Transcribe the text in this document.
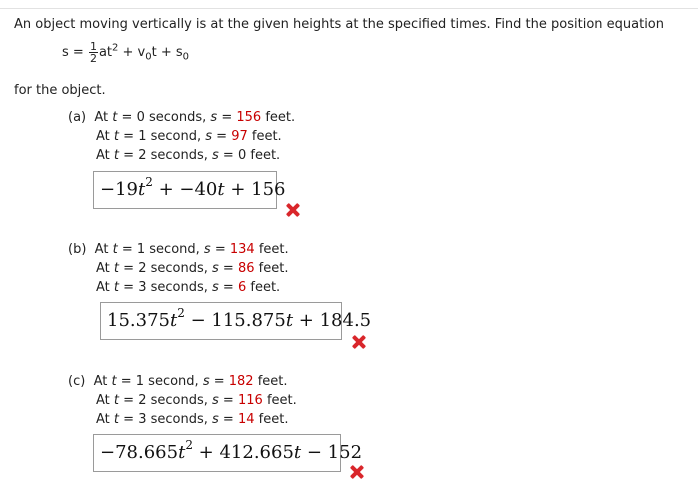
An object moving vertically is at the given heights at the specified times. Find the position equation
$s = \frac{1}{2} at^2 + v_0t + s_0$
for the object.
(a) At t = 0 seconds, s = 156 feet.
At t = 1 second, s = 97 feet.
At t = 2 seconds, s = 0 feet.
$-19t^2 + -40t + 156$
(b) At t = 1 second, s = 134 feet.
At t = 2 seconds, s = 86 feet.
At t = 3 seconds, s = 6 feet.
$15.375t^2 - 115.875t + 184.5$
(c) At t = 1 second, s = 182 feet.
At t = 2 seconds, s = 116 feet.
At t = 3 seconds, s = 14 feet.
$-78.665t^2 + 412.665t - 152$
